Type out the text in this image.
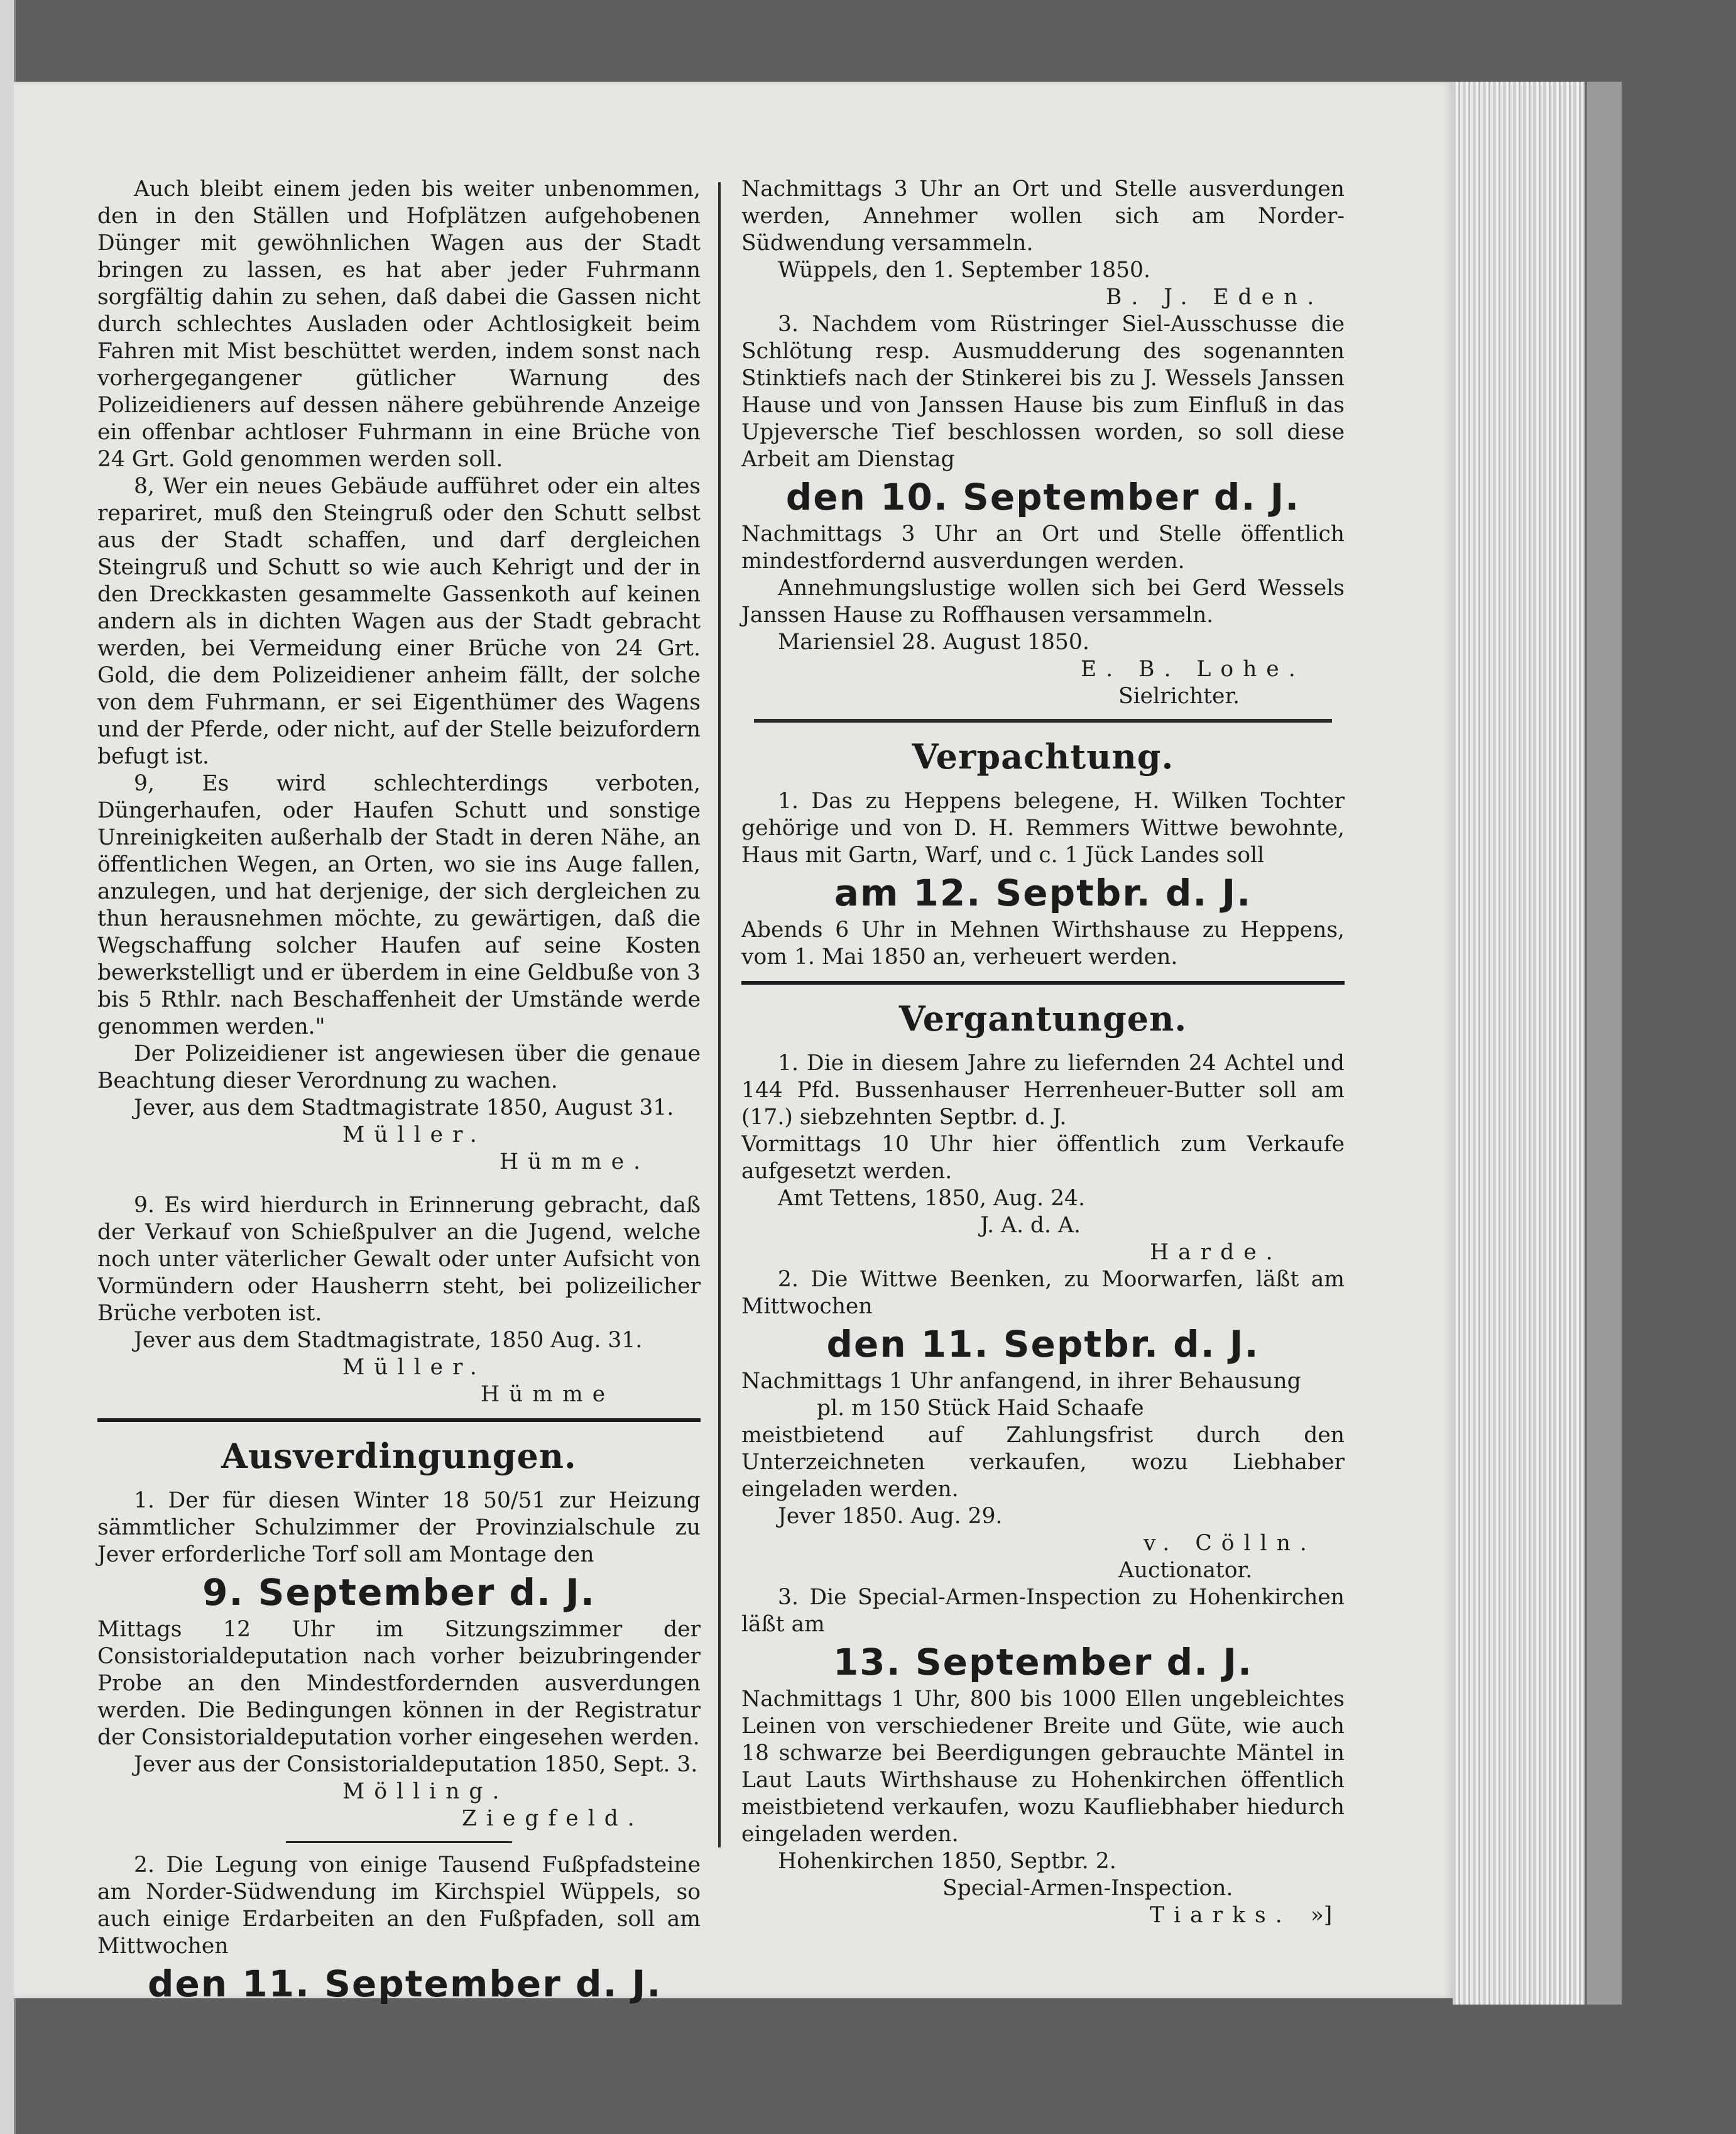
Auch bleibt einem jeden bis weiter unbenommen, den in den Ställen und Hofplätzen aufgehobenen Dünger mit gewöhnlichen Wagen aus der Stadt bringen zu lassen, es hat aber jeder Fuhrmann sorgfältig dahin zu sehen, daß dabei die Gassen nicht durch schlechtes Ausladen oder Achtlosigkeit beim Fahren mit Mist beschüttet werden, indem sonst nach vorhergegangener gütlicher Warnung des Polizeidieners auf dessen nähere gebührende Anzeige ein offenbar achtloser Fuhrmann in eine Brüche von 24 Grt. Gold genommen werden soll.

8, Wer ein neues Gebäude aufführet oder ein altes repariret, muß den Steingruß oder den Schutt selbst aus der Stadt schaffen, und darf dergleichen Steingruß und Schutt so wie auch Kehrigt und der in den Dreckkasten gesammelte Gassenkoth auf keinen andern als in dichten Wagen aus der Stadt gebracht werden, bei Vermeidung einer Brüche von 24 Grt. Gold, die dem Polizeidiener anheim fällt, der solche von dem Fuhrmann, er sei Eigenthümer des Wagens und der Pferde, oder nicht, auf der Stelle beizufordern befugt ist.

9, Es wird schlechterdings verboten, Düngerhaufen, oder Haufen Schutt und sonstige Unreinigkeiten außerhalb der Stadt in deren Nähe, an öffentlichen Wegen, an Orten, wo sie ins Auge fallen, anzulegen, und hat derjenige, der sich dergleichen zu thun herausnehmen möchte, zu gewärtigen, daß die Wegschaffung solcher Haufen auf seine Kosten bewerkstelligt und er überdem in eine Geldbuße von 3 bis 5 Rthlr. nach Beschaffenheit der Umstände werde genommen werden."

Der Polizeidiener ist angewiesen über die genaue Beachtung dieser Verordnung zu wachen.

Jever, aus dem Stadtmagistrate 1850, August 31.

Müller.

Hümme.

9. Es wird hierdurch in Erinnerung gebracht, daß der Verkauf von Schießpulver an die Jugend, welche noch unter väterlicher Gewalt oder unter Aufsicht von Vormündern oder Hausherrn steht, bei polizeilicher Brüche verboten ist.

Jever aus dem Stadtmagistrate, 1850 Aug. 31.

Müller.

Hümme

Ausverdingungen.

1. Der für diesen Winter 18 50/51 zur Heizung sämmtlicher Schulzimmer der Provinzialschule zu Jever erforderliche Torf soll am Montage den

9. September d. J.

Mittags 12 Uhr im Sitzungszimmer der Consistorialdeputation nach vorher beizubringender Probe an den Mindestfordernden ausverdungen werden. Die Bedingungen können in der Registratur der Consistorialdeputation vorher eingesehen werden.

Jever aus der Consistorialdeputation 1850, Sept. 3.

Mölling.

Ziegfeld.

2. Die Legung von einige Tausend Fußpfadsteine am Norder-Südwendung im Kirchspiel Wüppels, so auch einige Erdarbeiten an den Fußpfaden, soll am Mittwochen

den 11. September d. J.

Nachmittags 3 Uhr an Ort und Stelle ausverdungen werden, Annehmer wollen sich am Norder-Südwendung versammeln.

Wüppels, den 1. September 1850.

B. J. Eden.

3. Nachdem vom Rüstringer Siel-Ausschusse die Schlötung resp. Ausmudderung des sogenannten Stinktiefs nach der Stinkerei bis zu J. Wessels Janssen Hause und von Janssen Hause bis zum Einfluß in das Upjeversche Tief beschlossen worden, so soll diese Arbeit am Dienstag

den 10. September d. J.

Nachmittags 3 Uhr an Ort und Stelle öffentlich mindestfordernd ausverdungen werden.

Annehmungslustige wollen sich bei Gerd Wessels Janssen Hause zu Roffhausen versammeln.

Mariensiel 28. August 1850.

E. B. Lohe.

Sielrichter.

Verpachtung.

1. Das zu Heppens belegene, H. Wilken Tochter gehörige und von D. H. Remmers Wittwe bewohnte, Haus mit Gartn, Warf, und c. 1 Jück Landes soll

am 12. Septbr. d. J.

Abends 6 Uhr in Mehnen Wirthshause zu Heppens, vom 1. Mai 1850 an, verheuert werden.

Vergantungen.

1. Die in diesem Jahre zu liefernden 24 Achtel und 144 Pfd. Bussenhauser Herrenheuer-Butter soll am (17.) siebzehnten Septbr. d. J.

Vormittags 10 Uhr hier öffentlich zum Verkaufe aufgesetzt werden.

Amt Tettens, 1850, Aug. 24.

J. A. d. A.

Harde.

2. Die Wittwe Beenken, zu Moorwarfen, läßt am Mittwochen

den 11. Septbr. d. J.

Nachmittags 1 Uhr anfangend, in ihrer Behausung

pl. m 150 Stück Haid Schaafe

meistbietend auf Zahlungsfrist durch den Unterzeichneten verkaufen, wozu Liebhaber eingeladen werden.

Jever 1850. Aug. 29.

v. Cölln.

Auctionator.

3. Die Special-Armen-Inspection zu Hohenkirchen läßt am

13. September d. J.

Nachmittags 1 Uhr, 800 bis 1000 Ellen ungebleichtes Leinen von verschiedener Breite und Güte, wie auch 18 schwarze bei Beerdigungen gebrauchte Mäntel in Laut Lauts Wirthshause zu Hohenkirchen öffentlich meistbietend verkaufen, wozu Kaufliebhaber hiedurch eingeladen werden.

Hohenkirchen 1850, Septbr. 2.

Special-Armen-Inspection.

Tiarks. »]
